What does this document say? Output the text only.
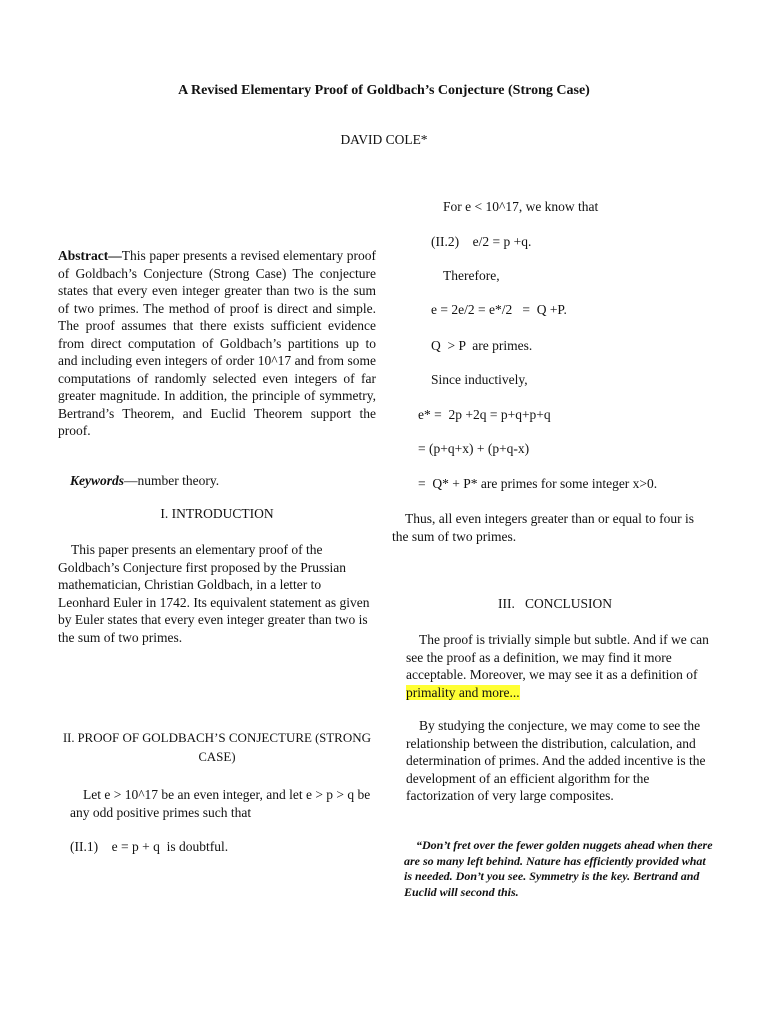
A Revised Elementary Proof of Goldbach’s Conjecture (Strong Case)
DAVID COLE*
Abstract—This paper presents a revised elementary proof of Goldbach’s Conjecture (Strong Case) The conjecture states that every even integer greater than two is the sum of two primes. The method of proof is direct and simple. The proof assumes that there exists sufficient evidence from direct computation of Goldbach’s partitions up to and including even integers of order 10^17 and from some computations of randomly selected even integers of far greater magnitude. In addition, the principle of symmetry, Bertrand’s Theorem, and Euclid Theorem support the proof.
Keywords—number theory.
I. INTRODUCTION
This paper presents an elementary proof of the Goldbach’s Conjecture first proposed by the Prussian mathematician, Christian Goldbach, in a letter to Leonhard Euler in 1742. Its equivalent statement as given by Euler states that every even integer greater than two is the sum of two primes.
II. PROOF OF GOLDBACH’S CONJECTURE (STRONG
CASE)
Let e > 10^17 be an even integer, and let e > p > q be any odd positive primes such that
(II.1)    e = p + q  is doubtful.
For e < 10^17, we know that
(II.2)    e/2 = p +q.
Therefore,
e = 2e/2 = e*/2   =  Q +P.
Q  > P  are primes.
Since inductively,
e* =  2p +2q = p+q+p+q
= (p+q+x) + (p+q-x)
=  Q* + P* are primes for some integer x>0.
Thus, all even integers greater than or equal to four is the sum of two primes.
III.   CONCLUSION
The proof is trivially simple but subtle. And if we can see the proof as a definition, we may find it more acceptable. Moreover, we may see it as a definition of primality and more...
By studying the conjecture, we may come to see the relationship between the distribution, calculation, and determination of primes. And the added incentive is the development of an efficient algorithm for the factorization of very large composites.
“Don’t fret over the fewer golden nuggets ahead when there are so many left behind. Nature has efficiently provided what is needed. Don’t you see. Symmetry is the key. Bertrand and Euclid will second this.
